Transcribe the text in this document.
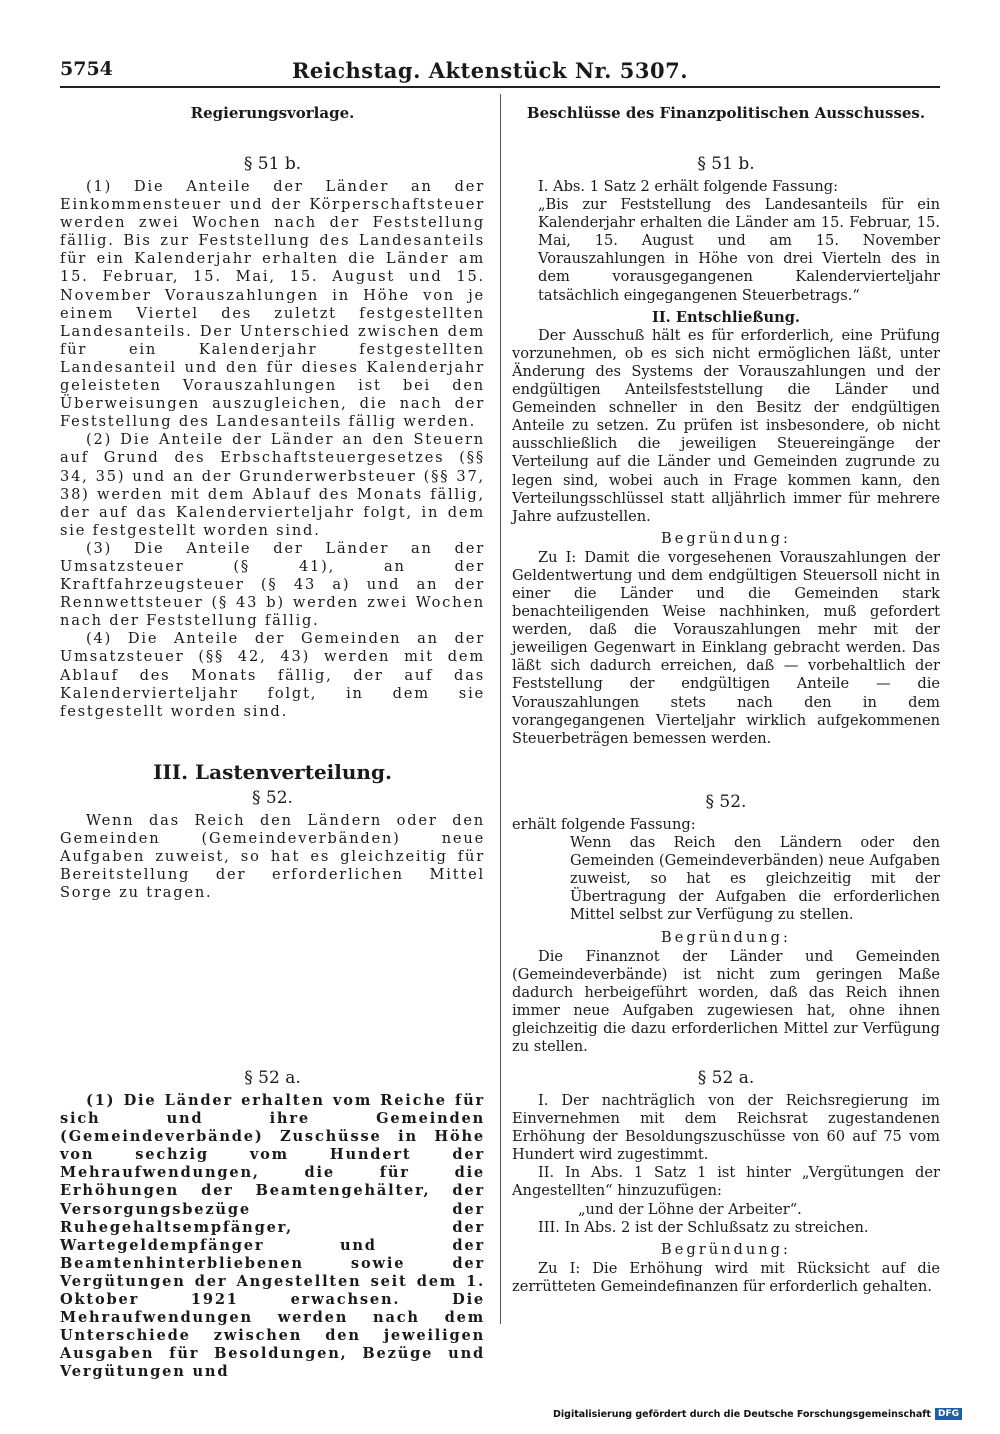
5754	Reichstag. Aktenstück Nr. 5307.
Regierungsvorlage.
§ 51 b.

(1) Die Anteile der Länder an der Einkommensteuer und der Körperschaftsteuer werden zwei Wochen nach der Feststellung fällig. Bis zur Feststellung des Landesanteils für ein Kalenderjahr erhalten die Länder am 15. Februar, 15. Mai, 15. August und 15. November Vorauszahlungen in Höhe von je einem Viertel des zuletzt festgestellten Landesanteils. Der Unterschied zwischen dem für ein Kalenderjahr festgestellten Landesanteil und den für dieses Kalenderjahr geleisteten Vorauszahlungen ist bei den Überweisungen auszugleichen, die nach der Feststellung des Landesanteils fällig werden.

(2) Die Anteile der Länder an den Steuern auf Grund des Erbschaftsteuergesetzes (§§ 34, 35) und an der Grunderwerbsteuer (§§ 37, 38) werden mit dem Ablauf des Monats fällig, der auf das Kalendervierteljahr folgt, in dem sie festgestellt worden sind.

(3) Die Anteile der Länder an der Umsatzsteuer (§ 41), an der Kraftfahrzeugsteuer (§ 43 a) und an der Rennwettsteuer (§ 43 b) werden zwei Wochen nach der Feststellung fällig.

(4) Die Anteile der Gemeinden an der Umsatzsteuer (§§ 42, 43) werden mit dem Ablauf des Monats fällig, der auf das Kalendervierteljahr folgt, in dem sie festgestellt worden sind.

III. Lastenverteilung.
§ 52.

Wenn das Reich den Ländern oder den Gemeinden (Gemeindeverbänden) neue Aufgaben zuweist, so hat es gleichzeitig für Bereitstellung der erforderlichen Mittel Sorge zu tragen.

§ 52 a.

(1) Die Länder erhalten vom Reiche für sich und ihre Gemeinden (Gemeindeverbände) Zuschüsse in Höhe von sechzig vom Hundert der Mehraufwendungen, die für die Erhöhungen der Beamtengehälter, der Versorgungsbezüge der Ruhegehaltsempfänger, der Wartegeldempfänger und der Beamtenhinterbliebenen sowie der Vergütungen der Angestellten seit dem 1. Oktober 1921 erwachsen. Die Mehraufwendungen werden nach dem Unterschiede zwischen den jeweiligen Ausgaben für Besoldungen, Bezüge und Vergütungen und

Beschlüsse des Finanzpolitischen Ausschusses.
§ 51 b.

I. Abs. 1 Satz 2 erhält folgende Fassung:

„Bis zur Feststellung des Landesanteils für ein Kalenderjahr erhalten die Länder am 15. Februar, 15. Mai, 15. August und am 15. November Vorauszahlungen in Höhe von drei Vierteln des in dem vorausgegangenen Kalendervierteljahr tatsächlich eingegangenen Steuerbetrags.“

II. Entschließung.

Der Ausschuß hält es für erforderlich, eine Prüfung vorzunehmen, ob es sich nicht ermöglichen läßt, unter Änderung des Systems der Vorauszahlungen und der endgültigen Anteilsfeststellung die Länder und Gemeinden schneller in den Besitz der endgültigen Anteile zu setzen. Zu prüfen ist insbesondere, ob nicht ausschließlich die jeweiligen Steuereingänge der Verteilung auf die Länder und Gemeinden zugrunde zu legen sind, wobei auch in Frage kommen kann, den Verteilungsschlüssel statt alljährlich immer für mehrere Jahre aufzustellen.

Begründung:

Zu I: Damit die vorgesehenen Vorauszahlungen der Geldentwertung und dem endgültigen Steuersoll nicht in einer die Länder und die Gemeinden stark benachteiligenden Weise nachhinken, muß gefordert werden, daß die Vorauszahlungen mehr mit der jeweiligen Gegenwart in Einklang gebracht werden. Das läßt sich dadurch erreichen, daß — vorbehaltlich der Feststellung der endgültigen Anteile — die Vorauszahlungen stets nach den in dem vorangegangenen Vierteljahr wirklich aufgekommenen Steuerbeträgen bemessen werden.

§ 52.

erhält folgende Fassung:

Wenn das Reich den Ländern oder den Gemeinden (Gemeindeverbänden) neue Aufgaben zuweist, so hat es gleichzeitig mit der Übertragung der Aufgaben die erforderlichen Mittel selbst zur Verfügung zu stellen.

Begründung:

Die Finanznot der Länder und Gemeinden (Gemeindeverbände) ist nicht zum geringen Maße dadurch herbeigeführt worden, daß das Reich ihnen immer neue Aufgaben zugewiesen hat, ohne ihnen gleichzeitig die dazu erforderlichen Mittel zur Verfügung zu stellen.

§ 52 a.

I. Der nachträglich von der Reichsregierung im Einvernehmen mit dem Reichsrat zugestandenen Erhöhung der Besoldungszuschüsse von 60 auf 75 vom Hundert wird zugestimmt.

II. In Abs. 1 Satz 1 ist hinter „Vergütungen der Angestellten“ hinzuzufügen:

„und der Löhne der Arbeiter“.

III. In Abs. 2 ist der Schlußsatz zu streichen.

Begründung:

Zu I: Die Erhöhung wird mit Rücksicht auf die zerrütteten Gemeindefinanzen für erforderlich gehalten.

Digitalisierung gefördert durch die Deutsche Forschungsgemeinschaft DFG
